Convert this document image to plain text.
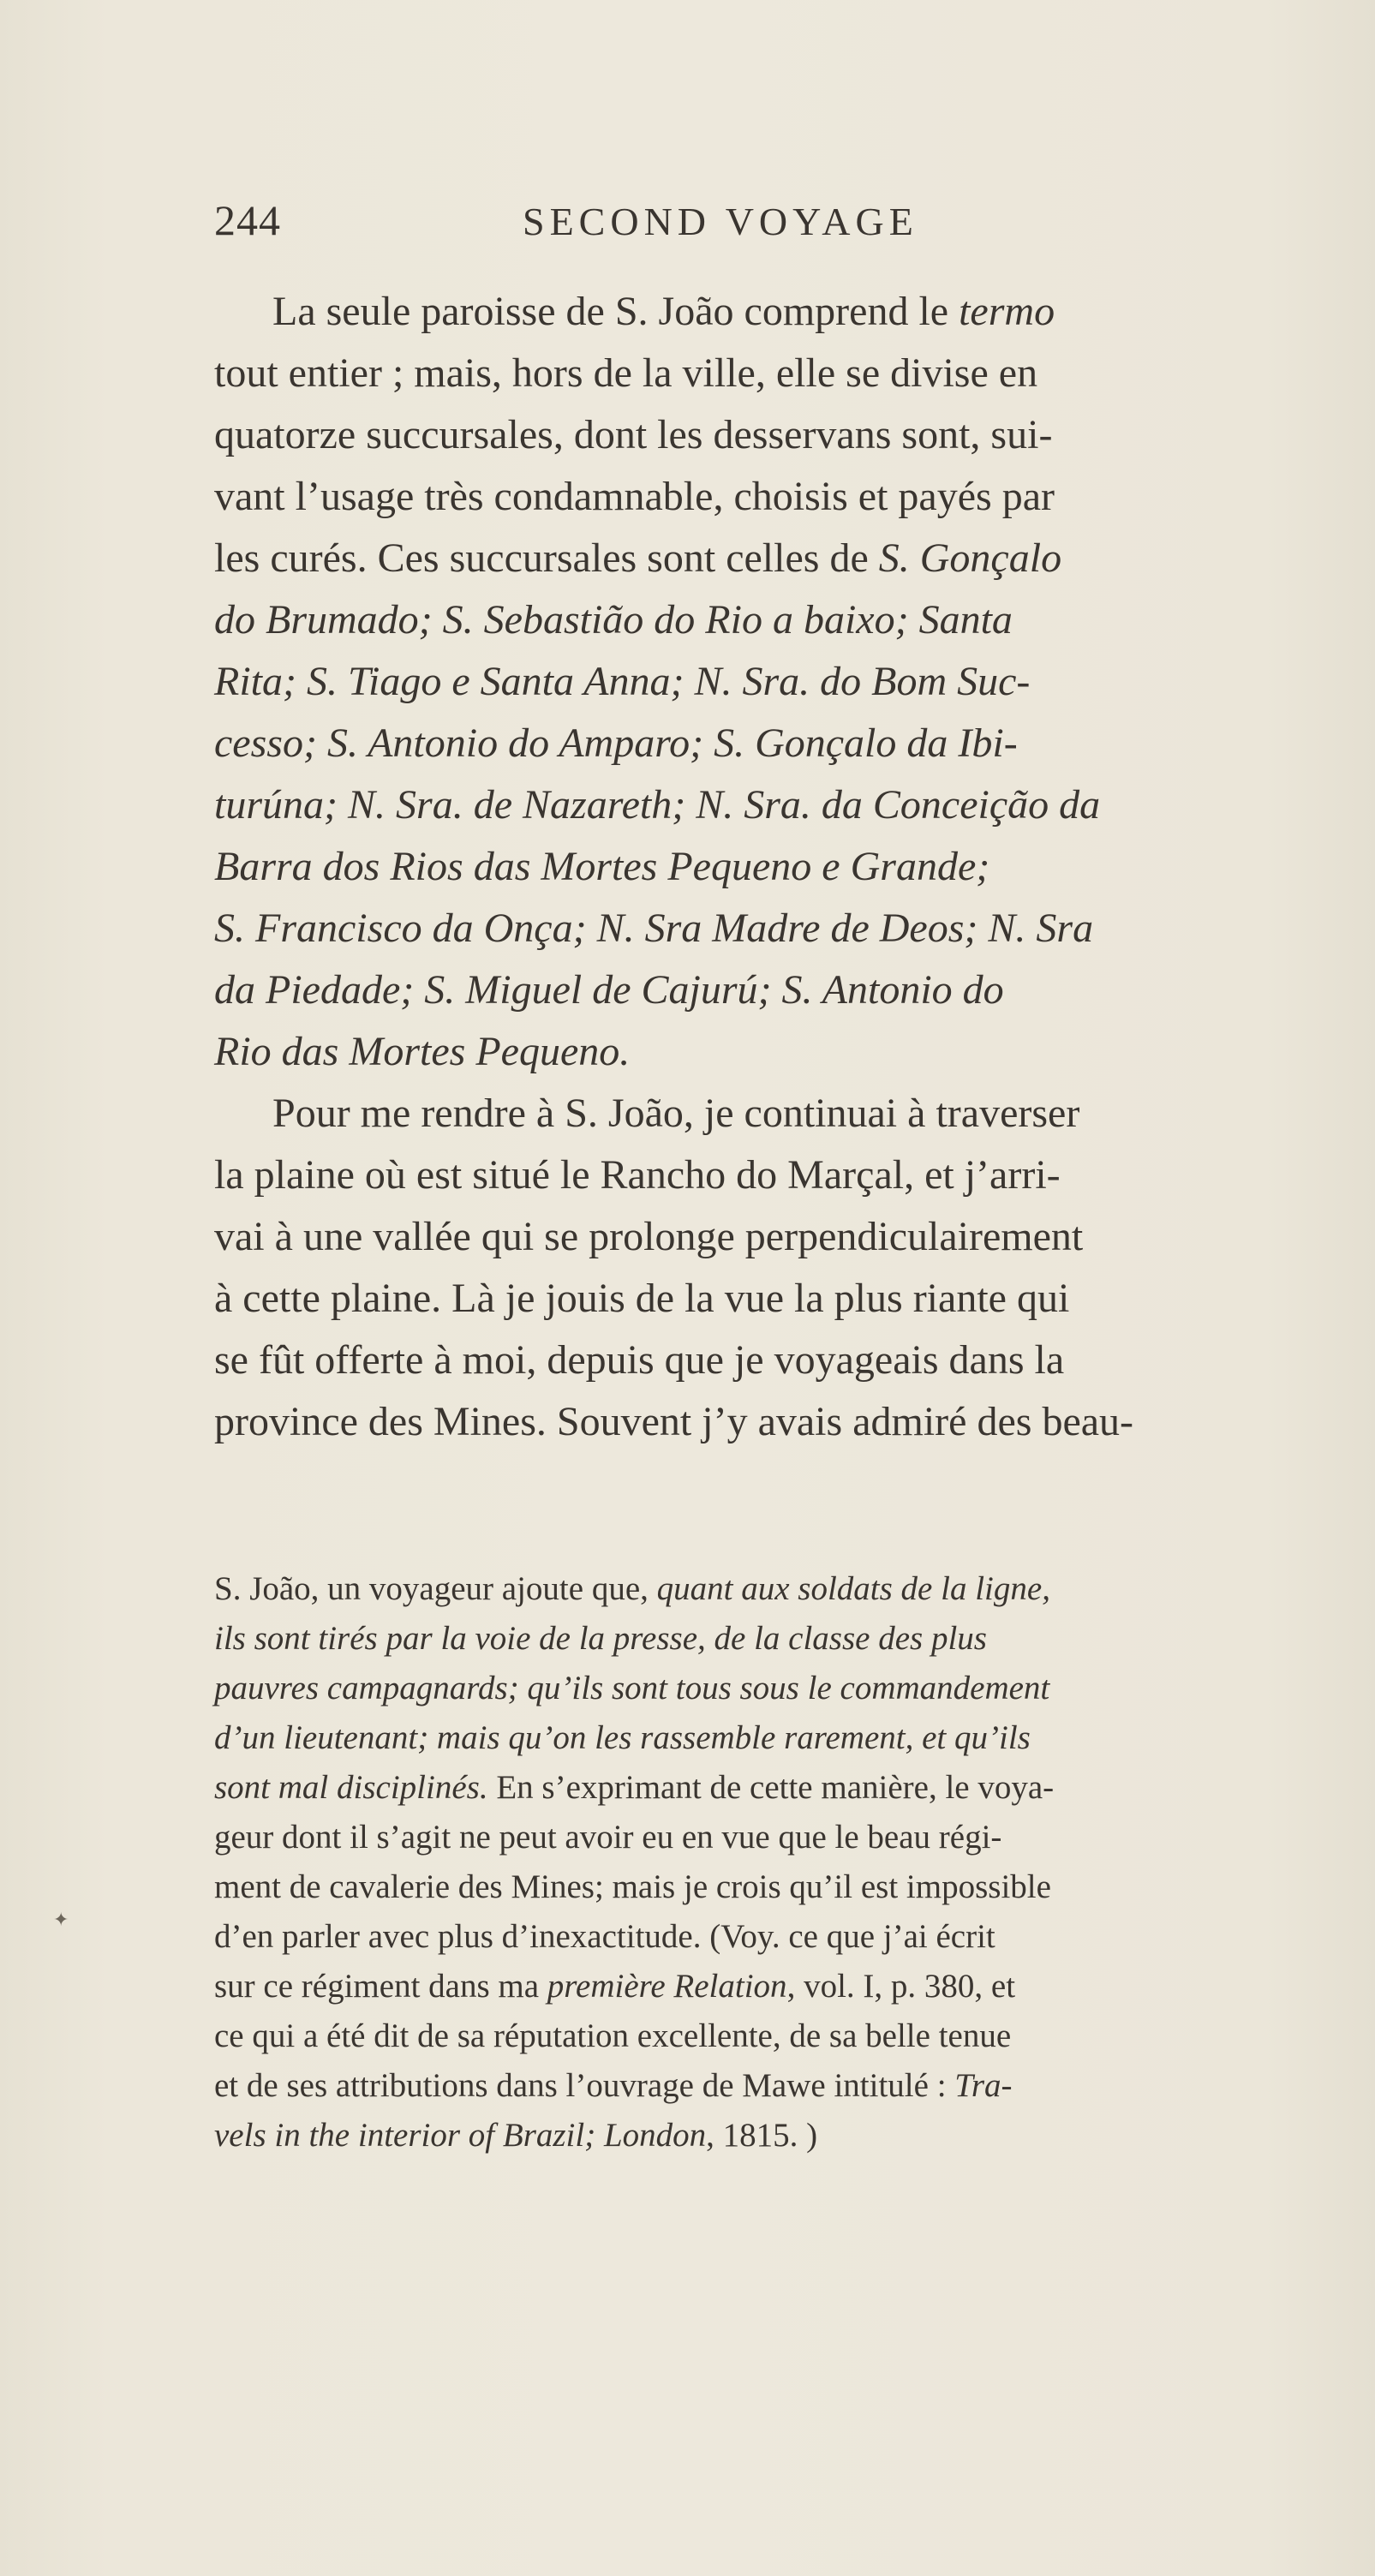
244	SECOND VOYAGE
La seule paroisse de S. João comprend le termo
tout entier ; mais, hors de la ville, elle se divise en
quatorze succursales, dont les desservans sont, sui-
vant l’usage très condamnable, choisis et payés par
les curés. Ces succursales sont celles de S. Gonçalo
do Brumado; S. Sebastião do Rio a baixo; Santa
Rita; S. Tiago e Santa Anna; N. Sra. do Bom Suc-
cesso; S. Antonio do Amparo; S. Gonçalo da Ibi-
turúna; N. Sra. de Nazareth; N. Sra. da Conceição da
Barra dos Rios das Mortes Pequeno e Grande;
S. Francisco da Onça; N. Sra Madre de Deos; N. Sra
da Piedade; S. Miguel de Cajurú; S. Antonio do
Rio das Mortes Pequeno.
Pour me rendre à S. João, je continuai à traverser
la plaine où est situé le Rancho do Marçal, et j’arri-
vai à une vallée qui se prolonge perpendiculairement
à cette plaine. Là je jouis de la vue la plus riante qui
se fût offerte à moi, depuis que je voyageais dans la
province des Mines. Souvent j’y avais admiré des beau-
S. João, un voyageur ajoute que, quant aux soldats de la ligne,
ils sont tirés par la voie de la presse, de la classe des plus
pauvres campagnards; qu’ils sont tous sous le commandement
d’un lieutenant; mais qu’on les rassemble rarement, et qu’ils
sont mal disciplinés. En s’exprimant de cette manière, le voya-
geur dont il s’agit ne peut avoir eu en vue que le beau régi-
ment de cavalerie des Mines; mais je crois qu’il est impossible
d’en parler avec plus d’inexactitude. (Voy. ce que j’ai écrit
sur ce régiment dans ma première Relation, vol. I, p. 380, et
ce qui a été dit de sa réputation excellente, de sa belle tenue
et de ses attributions dans l’ouvrage de Mawe intitulé : Tra-
vels in the interior of Brazil; London, 1815. )
✦
